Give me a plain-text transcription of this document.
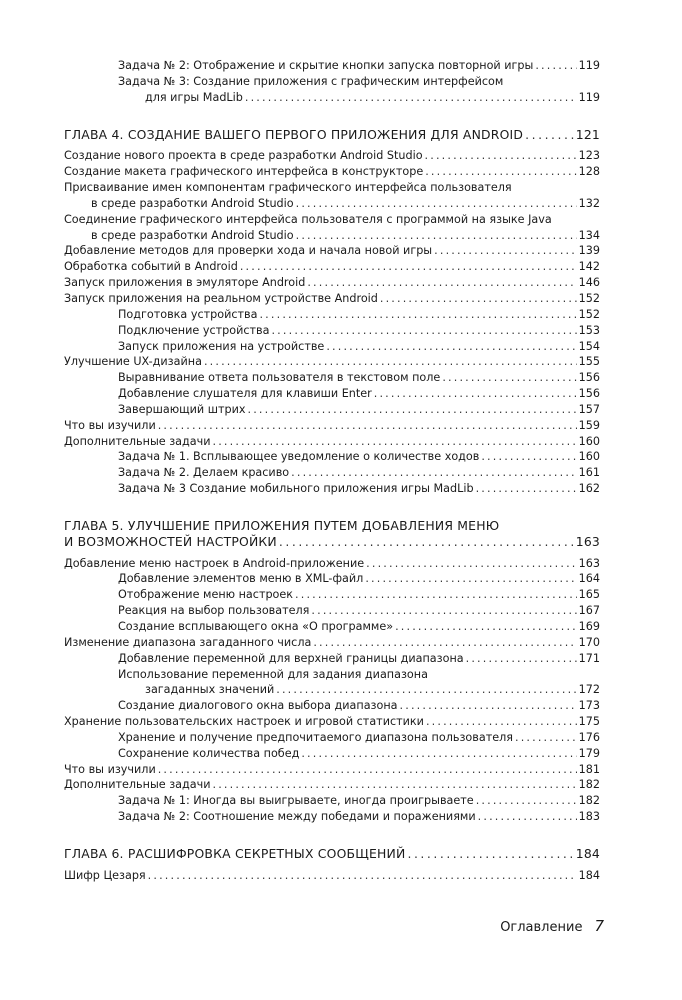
Задача № 2: Отображение и скрытие кнопки запуска повторной игры . . .	119
Задача № 3: Создание приложения с графическим интерфейсом
для игры MadLib . . .	119
ГЛАВА 4. СОЗДАНИЕ ВАШЕГО ПЕРВОГО ПРИЛОЖЕНИЯ ДЛЯ ANDROID . . .	121
Создание нового проекта в среде разработки Android Studio . . .	123
Создание макета графического интерфейса в конструкторе . . .	128
Присваивание имен компонентам графического интерфейса пользователя
в среде разработки Android Studio . . .	132
Соединение графического интерфейса пользователя с программой на языке Java
в среде разработки Android Studio . . .	134
Добавление методов для проверки хода и начала новой игры . . .	139
Обработка событий в Android . . .	142
Запуск приложения в эмуляторе Android . . .	146
Запуск приложения на реальном устройстве Android . . .	152
Подготовка устройства . . .	152
Подключение устройства . . .	153
Запуск приложения на устройстве . . .	154
Улучшение UX-дизайна . . .	155
Выравнивание ответа пользователя в текстовом поле . . .	156
Добавление слушателя для клавиши Enter . . .	156
Завершающий штрих . . .	157
Что вы изучили . . .	159
Дополнительные задачи . . .	160
Задача № 1. Всплывающее уведомление о количестве ходов . . .	160
Задача № 2. Делаем красиво . . .	161
Задача № 3 Создание мобильного приложения игры MadLib . . .	162
ГЛАВА 5. УЛУЧШЕНИЕ ПРИЛОЖЕНИЯ ПУТЕМ ДОБАВЛЕНИЯ МЕНЮ
И ВОЗМОЖНОСТЕЙ НАСТРОЙКИ . . .	163
Добавление меню настроек в Android-приложение . . .	163
Добавление элементов меню в XML-файл . . .	164
Отображение меню настроек . . .	165
Реакция на выбор пользователя . . .	167
Создание всплывающего окна «О программе» . . .	169
Изменение диапазона загаданного числа . . .	170
Добавление переменной для верхней границы диапазона . . .	171
Использование переменной для задания диапазона
загаданных значений . . .	172
Создание диалогового окна выбора диапазона . . .	173
Хранение пользовательских настроек и игровой статистики . . .	175
Хранение и получение предпочитаемого диапазона пользователя . . .	176
Сохранение количества побед . . .	179
Что вы изучили . . .	181
Дополнительные задачи . . .	182
Задача № 1: Иногда вы выигрываете, иногда проигрываете . . .	182
Задача № 2: Соотношение между победами и поражениями . . .	183
ГЛАВА 6. РАСШИФРОВКА СЕКРЕТНЫХ СООБЩЕНИЙ . . .	184
Шифр Цезаря . . .	184
Оглавление 7
